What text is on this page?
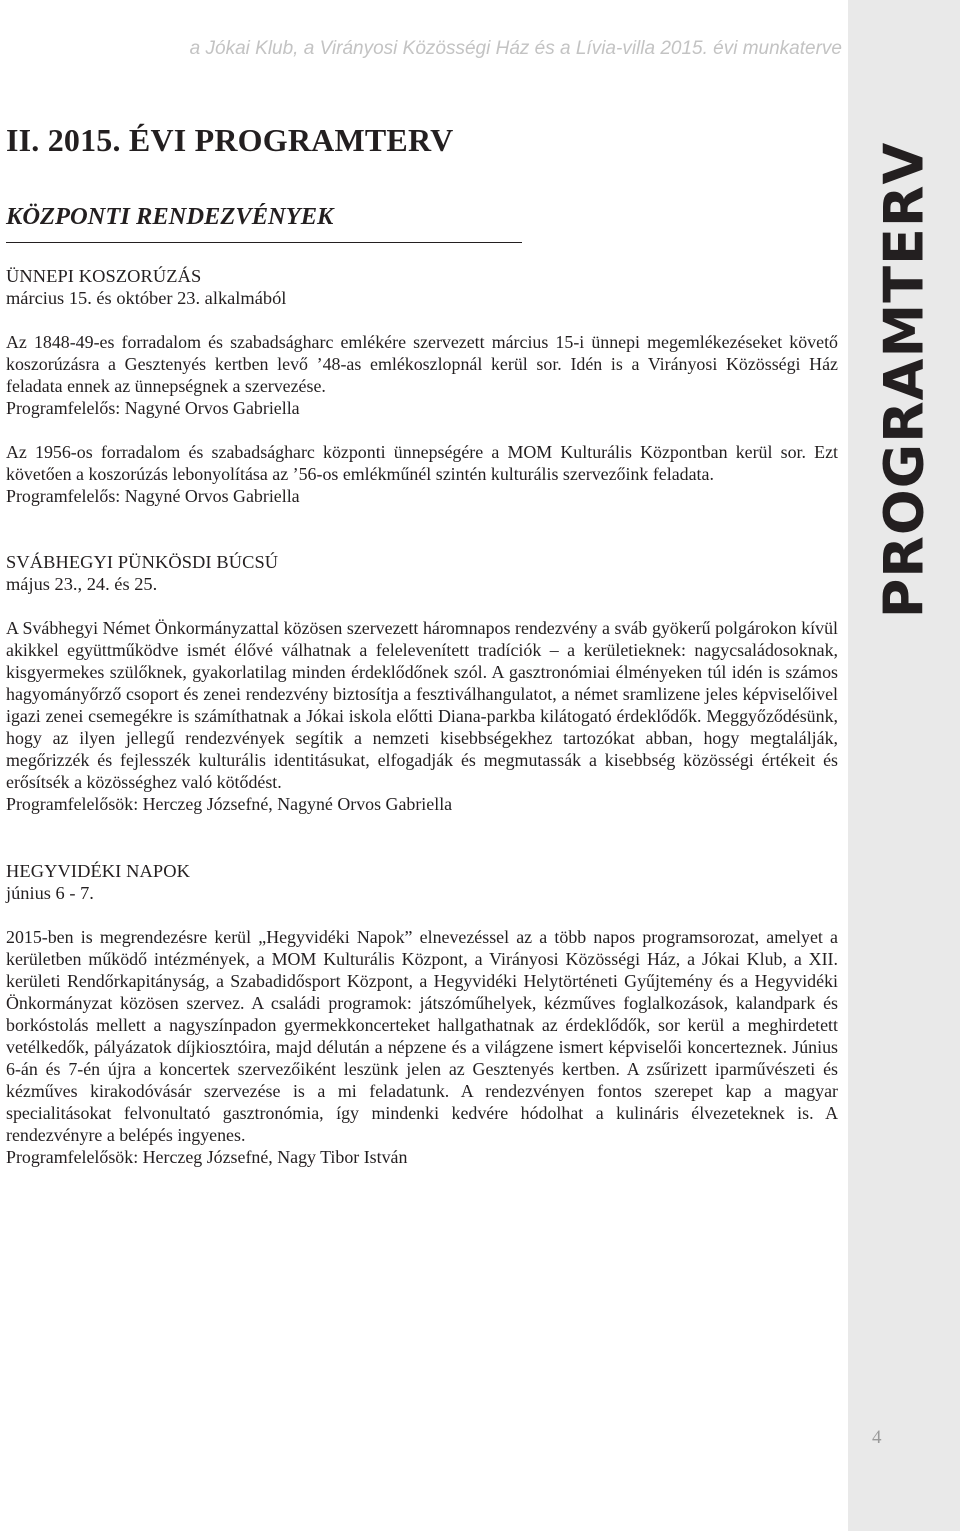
PROGRAMTERV
4
a Jókai Klub, a Virányosi Közösségi Ház és a Lívia-villa 2015. évi munkaterve
II. 2015. ÉVI PROGRAMTERV
KÖZPONTI RENDEZVÉNYEK
ÜNNEPI KOSZORÚZÁS
március 15. és október 23. alkalmából

Az 1848-49-es forradalom és szabadságharc emlékére szervezett március 15-i ünnepi megemlékezéseket követő koszorúzásra a Gesztenyés kertben levő ’48-as emlékoszlopnál kerül sor. Idén is a Virányosi Közösségi Ház feladata ennek az ünnepségnek a szervezése.

Programfelelős: Nagyné Orvos Gabriella

Az 1956-os forradalom és szabadságharc központi ünnepségére a MOM Kulturális Központban kerül sor. Ezt követően a koszorúzás lebonyolítása az ’56-os emlékműnél szintén kulturális szervezőink feladata.

Programfelelős: Nagyné Orvos Gabriella

SVÁBHEGYI PÜNKÖSDI BÚCSÚ
május 23., 24. és 25.

A Svábhegyi Német Önkormányzattal közösen szervezett háromnapos rendezvény a sváb gyökerű polgárokon kívül akikkel együttműködve ismét élővé válhatnak a felelevenített tradíciók – a kerületieknek: nagycsaládosoknak, kisgyermekes szülőknek, gyakorlatilag minden érdeklődőnek szól. A gasztronómiai élményeken túl idén is számos hagyományőrző csoport és zenei rendezvény biztosítja a fesztiválhangulatot, a német sramlizene jeles képviselőivel igazi zenei csemegékre is számíthatnak a Jókai iskola előtti Diana-parkba kilátogató érdeklődők. Meggyőződésünk, hogy az ilyen jellegű rendezvények segítik a nemzeti kisebbségekhez tartozókat abban, hogy megtalálják, megőrizzék és fejlesszék kulturális identitásukat, elfogadják és megmutassák a kisebbség közösségi értékeit és erősítsék a közösséghez való kötődést.

Programfelelősök: Herczeg Józsefné, Nagyné Orvos Gabriella

HEGYVIDÉKI NAPOK
június 6 - 7.

2015-ben is megrendezésre kerül „Hegyvidéki Napok” elnevezéssel az a több napos programsorozat, amelyet a kerületben működő intézmények, a MOM Kulturális Központ, a Virányosi Közösségi Ház, a Jókai Klub, a XII. kerületi Rendőrkapitányság, a Szabadidősport Központ, a Hegyvidéki Helytörténeti Gyűjtemény és a Hegyvidéki Önkormányzat közösen szervez. A családi programok: játszóműhelyek, kézműves foglalkozások, kalandpark és borkóstolás mellett a nagyszínpadon gyermekkoncerteket hallgathatnak az érdeklődők, sor kerül a meghirdetett vetélkedők, pályázatok díjkiosztóira, majd délután a népzene és a világzene ismert képviselői koncerteznek. Június 6-án és 7-én újra a koncertek szervezőiként leszünk jelen az Gesztenyés kertben. A zsűrizett iparművészeti és kézműves kirakodóvásár szervezése is a mi feladatunk. A rendezvényen fontos szerepet kap a magyar specialitásokat felvonultató gasztronómia, így mindenki kedvére hódolhat a kulináris élvezeteknek is. A rendezvényre a belépés ingyenes.

Programfelelősök: Herczeg Józsefné, Nagy Tibor István
